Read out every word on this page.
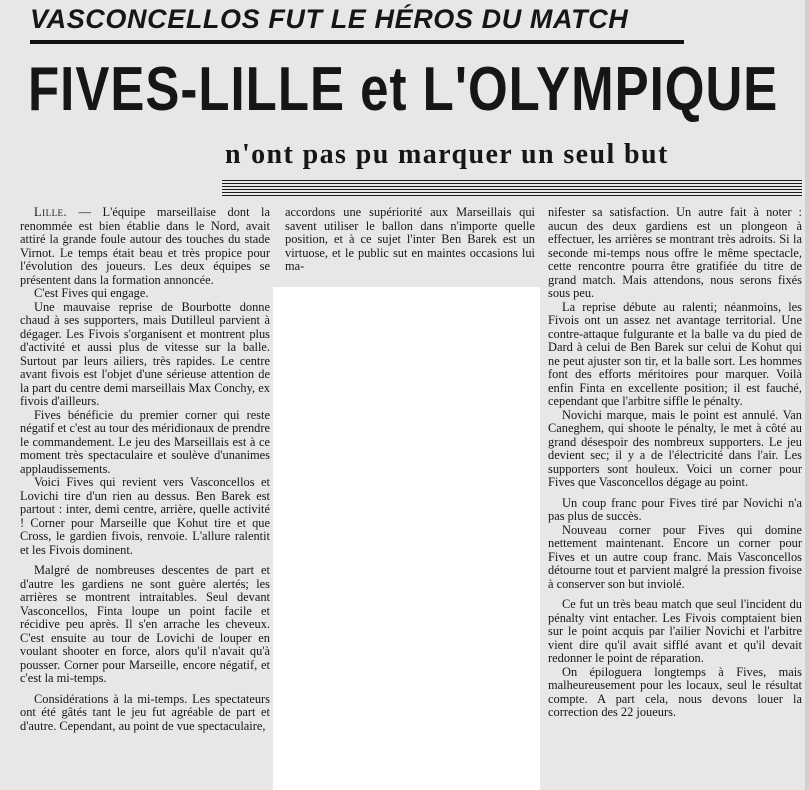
VASCONCELLOS FUT LE HÉROS DU MATCH
FIVES-LILLE et L'OLYMPIQUE
n'ont pas pu marquer un seul but

Lille. — L'équipe marseillaise dont la renommée est bien établie dans le Nord, avait attiré la grande foule autour des touches du stade Virnot. Le temps était beau et très propice pour l'évolution des joueurs. Les deux équipes se présentent dans la formation annoncée.

C'est Fives qui engage.

Une mauvaise reprise de Bourbotte donne chaud à ses supporters, mais Dutilleul parvient à dégager. Les Fivois s'organisent et montrent plus d'activité et aussi plus de vitesse sur la balle. Surtout par leurs ailiers, très rapides. Le centre avant fivois est l'objet d'une sérieuse attention de la part du centre demi marseillais Max Conchy, ex fivois d'ailleurs.

Fives bénéficie du premier corner qui reste négatif et c'est au tour des méridionaux de prendre le commandement. Le jeu des Marseillais est à ce moment très spectaculaire et soulève d'unanimes applaudissements.

Voici Fives qui revient vers Vasconcellos et Lovichi tire d'un rien au dessus. Ben Barek est partout : inter, demi centre, arrière, quelle activité ! Corner pour Marseille que Kohut tire et que Cross, le gardien fivois, renvoie. L'allure ralentit et les Fivois dominent.

Malgré de nombreuses descentes de part et d'autre les gardiens ne sont guère alertés; les arrières se montrent intraitables. Seul devant Vasconcellos, Finta loupe un point facile et récidive peu après. Il s'en arrache les cheveux. C'est ensuite au tour de Lovichi de louper en voulant shooter en force, alors qu'il n'avait qu'à pousser. Corner pour Marseille, encore négatif, et c'est la mi-temps.

Considérations à la mi-temps. Les spectateurs ont été gâtés tant le jeu fut agréable de part et d'autre. Cependant, au point de vue spectaculaire,

accordons une supériorité aux Marseillais qui savent utiliser le ballon dans n'importe quelle position, et à ce sujet l'inter Ben Barek est un virtuose, et le public sut en maintes occasions lui ma-

nifester sa satisfaction. Un autre fait à noter : aucun des deux gardiens est un plongeon à effectuer, les arrières se montrant très adroits. Si la seconde mi-temps nous offre le même spectacle, cette rencontre pourra être gratifiée du titre de grand match. Mais attendons, nous serons fixés sous peu.

La reprise débute au ralenti; néanmoins, les Fivois ont un assez net avantage territorial. Une contre-attaque fulgurante et la balle va du pied de Dard à celui de Ben Barek sur celui de Kohut qui ne peut ajuster son tir, et la balle sort. Les hommes font des efforts méritoires pour marquer. Voilà enfin Finta en excellente position; il est fauché, cependant que l'arbitre siffle le pénalty.

Novichi marque, mais le point est annulé. Van Caneghem, qui shoote le pénalty, le met à côté au grand désespoir des nombreux supporters. Le jeu devient sec; il y a de l'électricité dans l'air. Les supporters sont houleux. Voici un corner pour Fives que Vasconcellos dégage au point.

Un coup franc pour Fives tiré par Novichi n'a pas plus de succès.

Nouveau corner pour Fives qui domine nettement maintenant. Encore un corner pour Fives et un autre coup franc. Mais Vasconcellos détourne tout et parvient malgré la pression fivoise à conserver son but inviolé.

Ce fut un très beau match que seul l'incident du pénalty vint entacher. Les Fivois comptaient bien sur le point acquis par l'ailier Novichi et l'arbitre vient dire qu'il avait sifflé avant et qu'il devait redonner le point de réparation.

On épiloguera longtemps à Fives, mais malheureusement pour les locaux, seul le résultat compte. A part cela, nous devons louer la correction des 22 joueurs.
